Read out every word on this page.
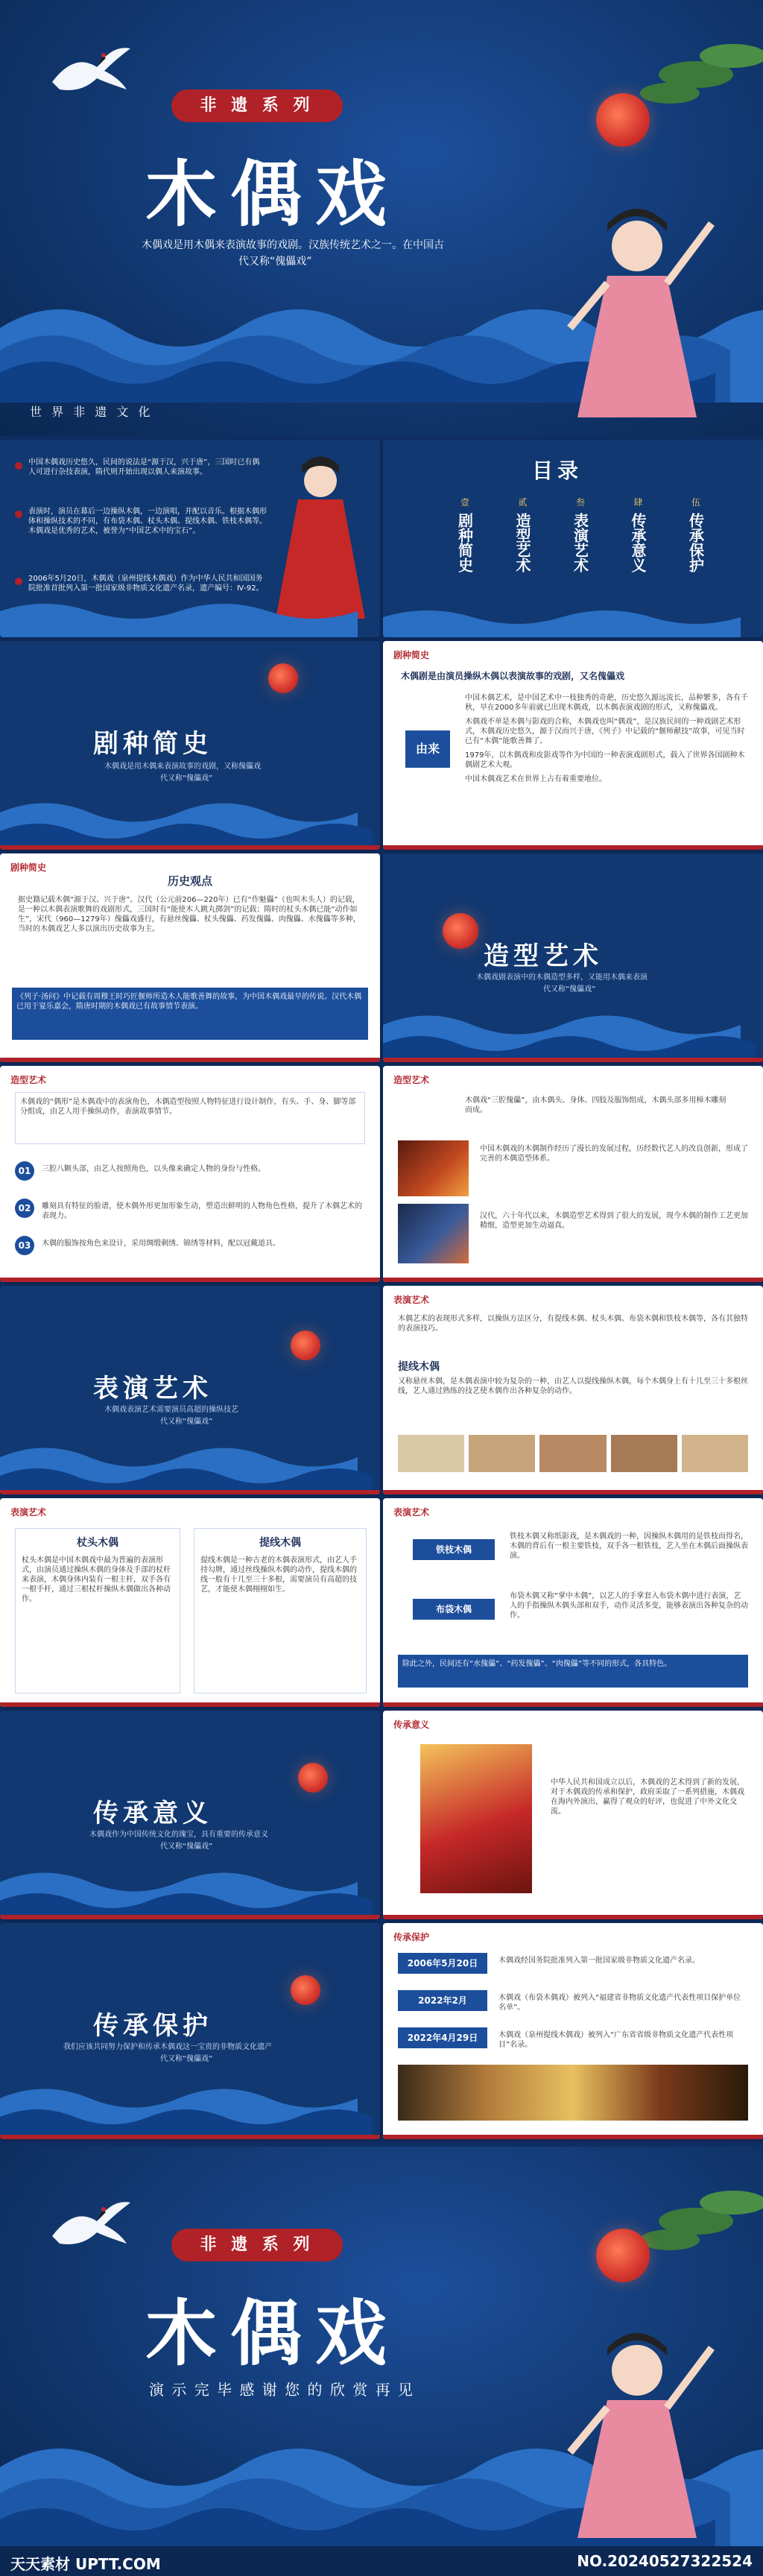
非 遗 系 列
木偶戏
木偶戏是用木偶来表演故事的戏剧。汉族传统艺术之一。在中国古
代又称“傀儡戏”
世 界 非 遗 文 化
中国木偶戏历史悠久，民间的说法是“源于汉，兴于唐”，三国时已有偶人可进行杂技表演，隋代则开始出现以偶人来演故事。
表演时，演员在幕后一边操纵木偶，一边演唱，并配以音乐。根据木偶形体和操纵技术的不同，有布袋木偶、杖头木偶、提线木偶、铁枝木偶等。木偶戏是优秀的艺术，被誉为“中国艺术中的宝石”。
2006年5月20日，木偶戏（泉州提线木偶戏）作为中华人民共和国国务院批准首批列入第一批国家级非物质文化遗产名录，遗产编号：Ⅳ-92。
目录
壹
剧种简史
贰
造型艺术
叁
表演艺术
肆
传承意义
伍
传承保护
剧种简史
木偶戏是用木偶来表演故事的戏剧，又称傀儡戏
代又称“傀儡戏”
剧种简史
木偶剧是由演员操纵木偶以表演故事的戏剧，又名傀儡戏
由来
中国木偶艺术，是中国艺术中一枝独秀的奇葩，历史悠久源远流长，品种繁多，各有千秋，早在2000多年前就已出现木偶戏，以木偶表演戏剧的形式，又称傀儡戏。
木偶戏不单是木偶与影戏的合称，木偶戏也叫“偶戏”，是汉族民间的一种戏剧艺术形式，木偶戏历史悠久，源于汉而兴于唐，《列子》中记载的“偃师献技”故事，可见当时已有“木偶”能歌善舞了。
1979年，以木偶戏和皮影戏等作为中国的一种表演戏剧形式，载入了世界各国剧种木偶剧艺术大观。
中国木偶戏艺术在世界上占有着重要地位。
剧种简史
历史观点
据史籍记载木偶“源于汉、兴于唐”。汉代（公元前206—220年）已有“作魁儡”（也叫木头人）的记载，是一种以木偶表演歌舞的戏剧形式，三国时有“能使木人跳丸掷剑”的记载；隋时的杖头木偶已能“动作如生”，宋代（960—1279年）傀儡戏盛行，有悬丝傀儡、杖头傀儡、药发傀儡、肉傀儡、水傀儡等多种，当时的木偶戏艺人多以演出历史故事为主。
《列子·汤问》中记载有周穆王时巧匠偃师所造木人能歌善舞的故事，为中国木偶戏最早的传说。汉代木偶已用于宴乐嘉会，隋唐时期的木偶戏已有故事情节表演。
造型艺术
木偶戏剧表演中的木偶造型多样，又能用木偶来表演
代又称“傀儡戏”
造型艺术
木偶戏的“偶形”是木偶戏中的表演角色，木偶造型按照人物特征进行设计制作，有头、手、身、脚等部分组成，由艺人用手操纵动作，表演故事情节。
01	三腔八颗头部，由艺人按照角色，以头像来确定人物的身份与性格。
02	雕刻具有特征的脸谱，使木偶外形更加形象生动，塑造出鲜明的人物角色性格，提升了木偶艺术的表现力。
03	木偶的服饰按角色来设计，采用绸缎刺绣、锦绣等材料，配以冠戴道具。
造型艺术
木偶戏“三腔傀儡”，由木偶头、身体、四肢及服饰组成，木偶头部多用樟木雕刻而成。
中国木偶戏的木偶制作经历了漫长的发展过程，历经数代艺人的改良创新，形成了完善的木偶造型体系。
汉代，六十年代以来，木偶造型艺术得到了很大的发展，现今木偶的制作工艺更加精细，造型更加生动逼真。
表演艺术
木偶戏表演艺术需要演员高超的操纵技艺
代又称“傀儡戏”
表演艺术
木偶艺术的表现形式多样，以操纵方法区分，有提线木偶、杖头木偶、布袋木偶和铁枝木偶等，各有其独特的表演技巧。
提线木偶
又称悬丝木偶，是木偶表演中较为复杂的一种，由艺人以提线操纵木偶，每个木偶身上有十几至三十多根丝线，艺人通过熟练的技艺使木偶作出各种复杂的动作。
表演艺术
杖头木偶
杖头木偶是中国木偶戏中最为普遍的表演形式，由演员通过操纵木偶的身体及手部的杖杆来表演，木偶身体内装有一根主杆，双手各有一根手杆，通过三根杖杆操纵木偶做出各种动作。
提线木偶
提线木偶是一种古老的木偶表演形式，由艺人手持勾牌，通过丝线操纵木偶的动作，提线木偶的线一般有十几至三十多根，需要演员有高超的技艺，才能使木偶栩栩如生。
表演艺术
铁枝木偶
铁枝木偶又称纸影戏，是木偶戏的一种，因操纵木偶用的是铁枝而得名，木偶的背后有一根主要铁枝，双手各一根铁枝，艺人坐在木偶后面操纵表演。
布袋木偶
布袋木偶又称“掌中木偶”，以艺人的手掌套入布袋木偶中进行表演，艺人的手指操纵木偶头部和双手，动作灵活多变，能够表演出各种复杂的动作。
除此之外，民间还有“水傀儡”、“药发傀儡”、“肉傀儡”等不同的形式，各具特色。
传承意义
木偶戏作为中国传统文化的瑰宝，具有重要的传承意义
代又称“傀儡戏”
传承意义
中华人民共和国成立以后，木偶戏的艺术得到了新的发展，对于木偶戏的传承和保护，政府采取了一系列措施，木偶戏在海内外演出，赢得了观众的好评，也促进了中外文化交流。
传承保护
我们应该共同努力保护和传承木偶戏这一宝贵的非物质文化遗产
代又称“傀儡戏”
传承保护
2006年5月20日	木偶戏经国务院批准列入第一批国家级非物质文化遗产名录。
2022年2月	木偶戏（布袋木偶戏）被列入“福建省非物质文化遗产代表性项目保护单位名单”。
2022年4月29日	木偶戏（泉州提线木偶戏）被列入“广东省省级非物质文化遗产代表性项目”名录。
非 遗 系 列
木偶戏
演 示 完 毕 感 谢 您 的 欣 赏 再 见
天天素材 UPTT.COM	NO.20240527322524
